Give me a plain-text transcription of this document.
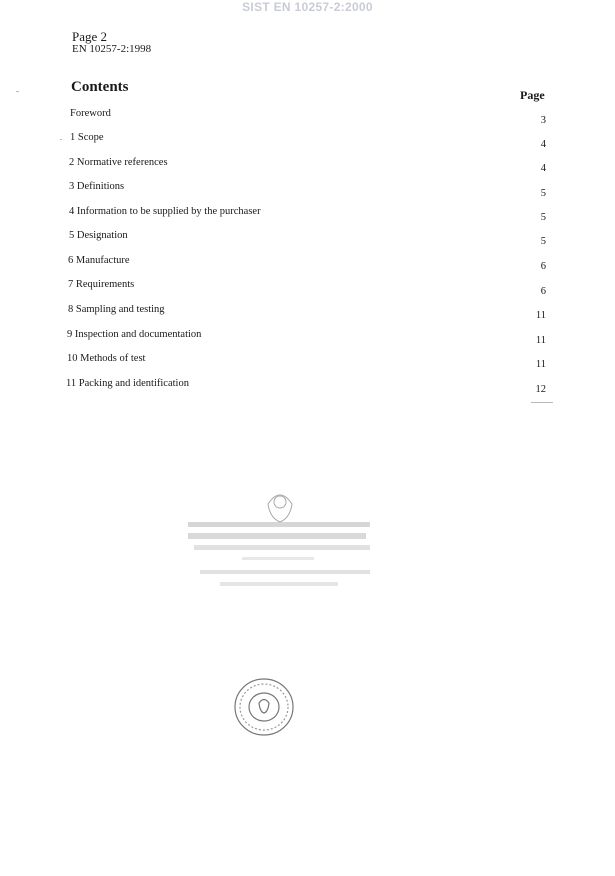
SIST EN 10257-2:2000
Page 2
EN 10257-2:1998
Contents	Page
Foreword
3
1 Scope
4
2 Normative references
4
3 Definitions
5
4 Information to be supplied by the purchaser
5
5 Designation
5
6 Manufacture
6
7 Requirements
6
8 Sampling and testing
11
9 Inspection and documentation
11
10 Methods of test
11
11 Packing and identification
12
